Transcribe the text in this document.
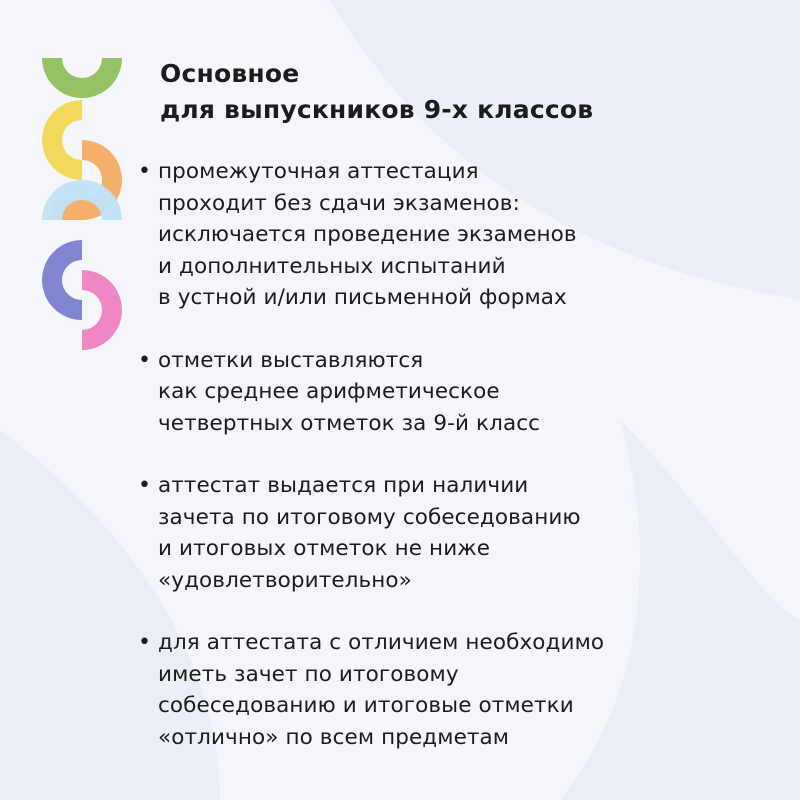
Основное
для выпускников 9-х классов
• промежуточная аттестация
проходит без сдачи экзаменов:
исключается проведение экзаменов
и дополнительных испытаний
в устной и/или письменной формах
• отметки выставляются
как среднее арифметическое
четвертных отметок за 9-й класс
• аттестат выдается при наличии
зачета по итоговому собеседованию
и итоговых отметок не ниже
«удовлетворительно»
• для аттестата с отличием необходимо
иметь зачет по итоговому
собеседованию и итоговые отметки
«отлично» по всем предметам
